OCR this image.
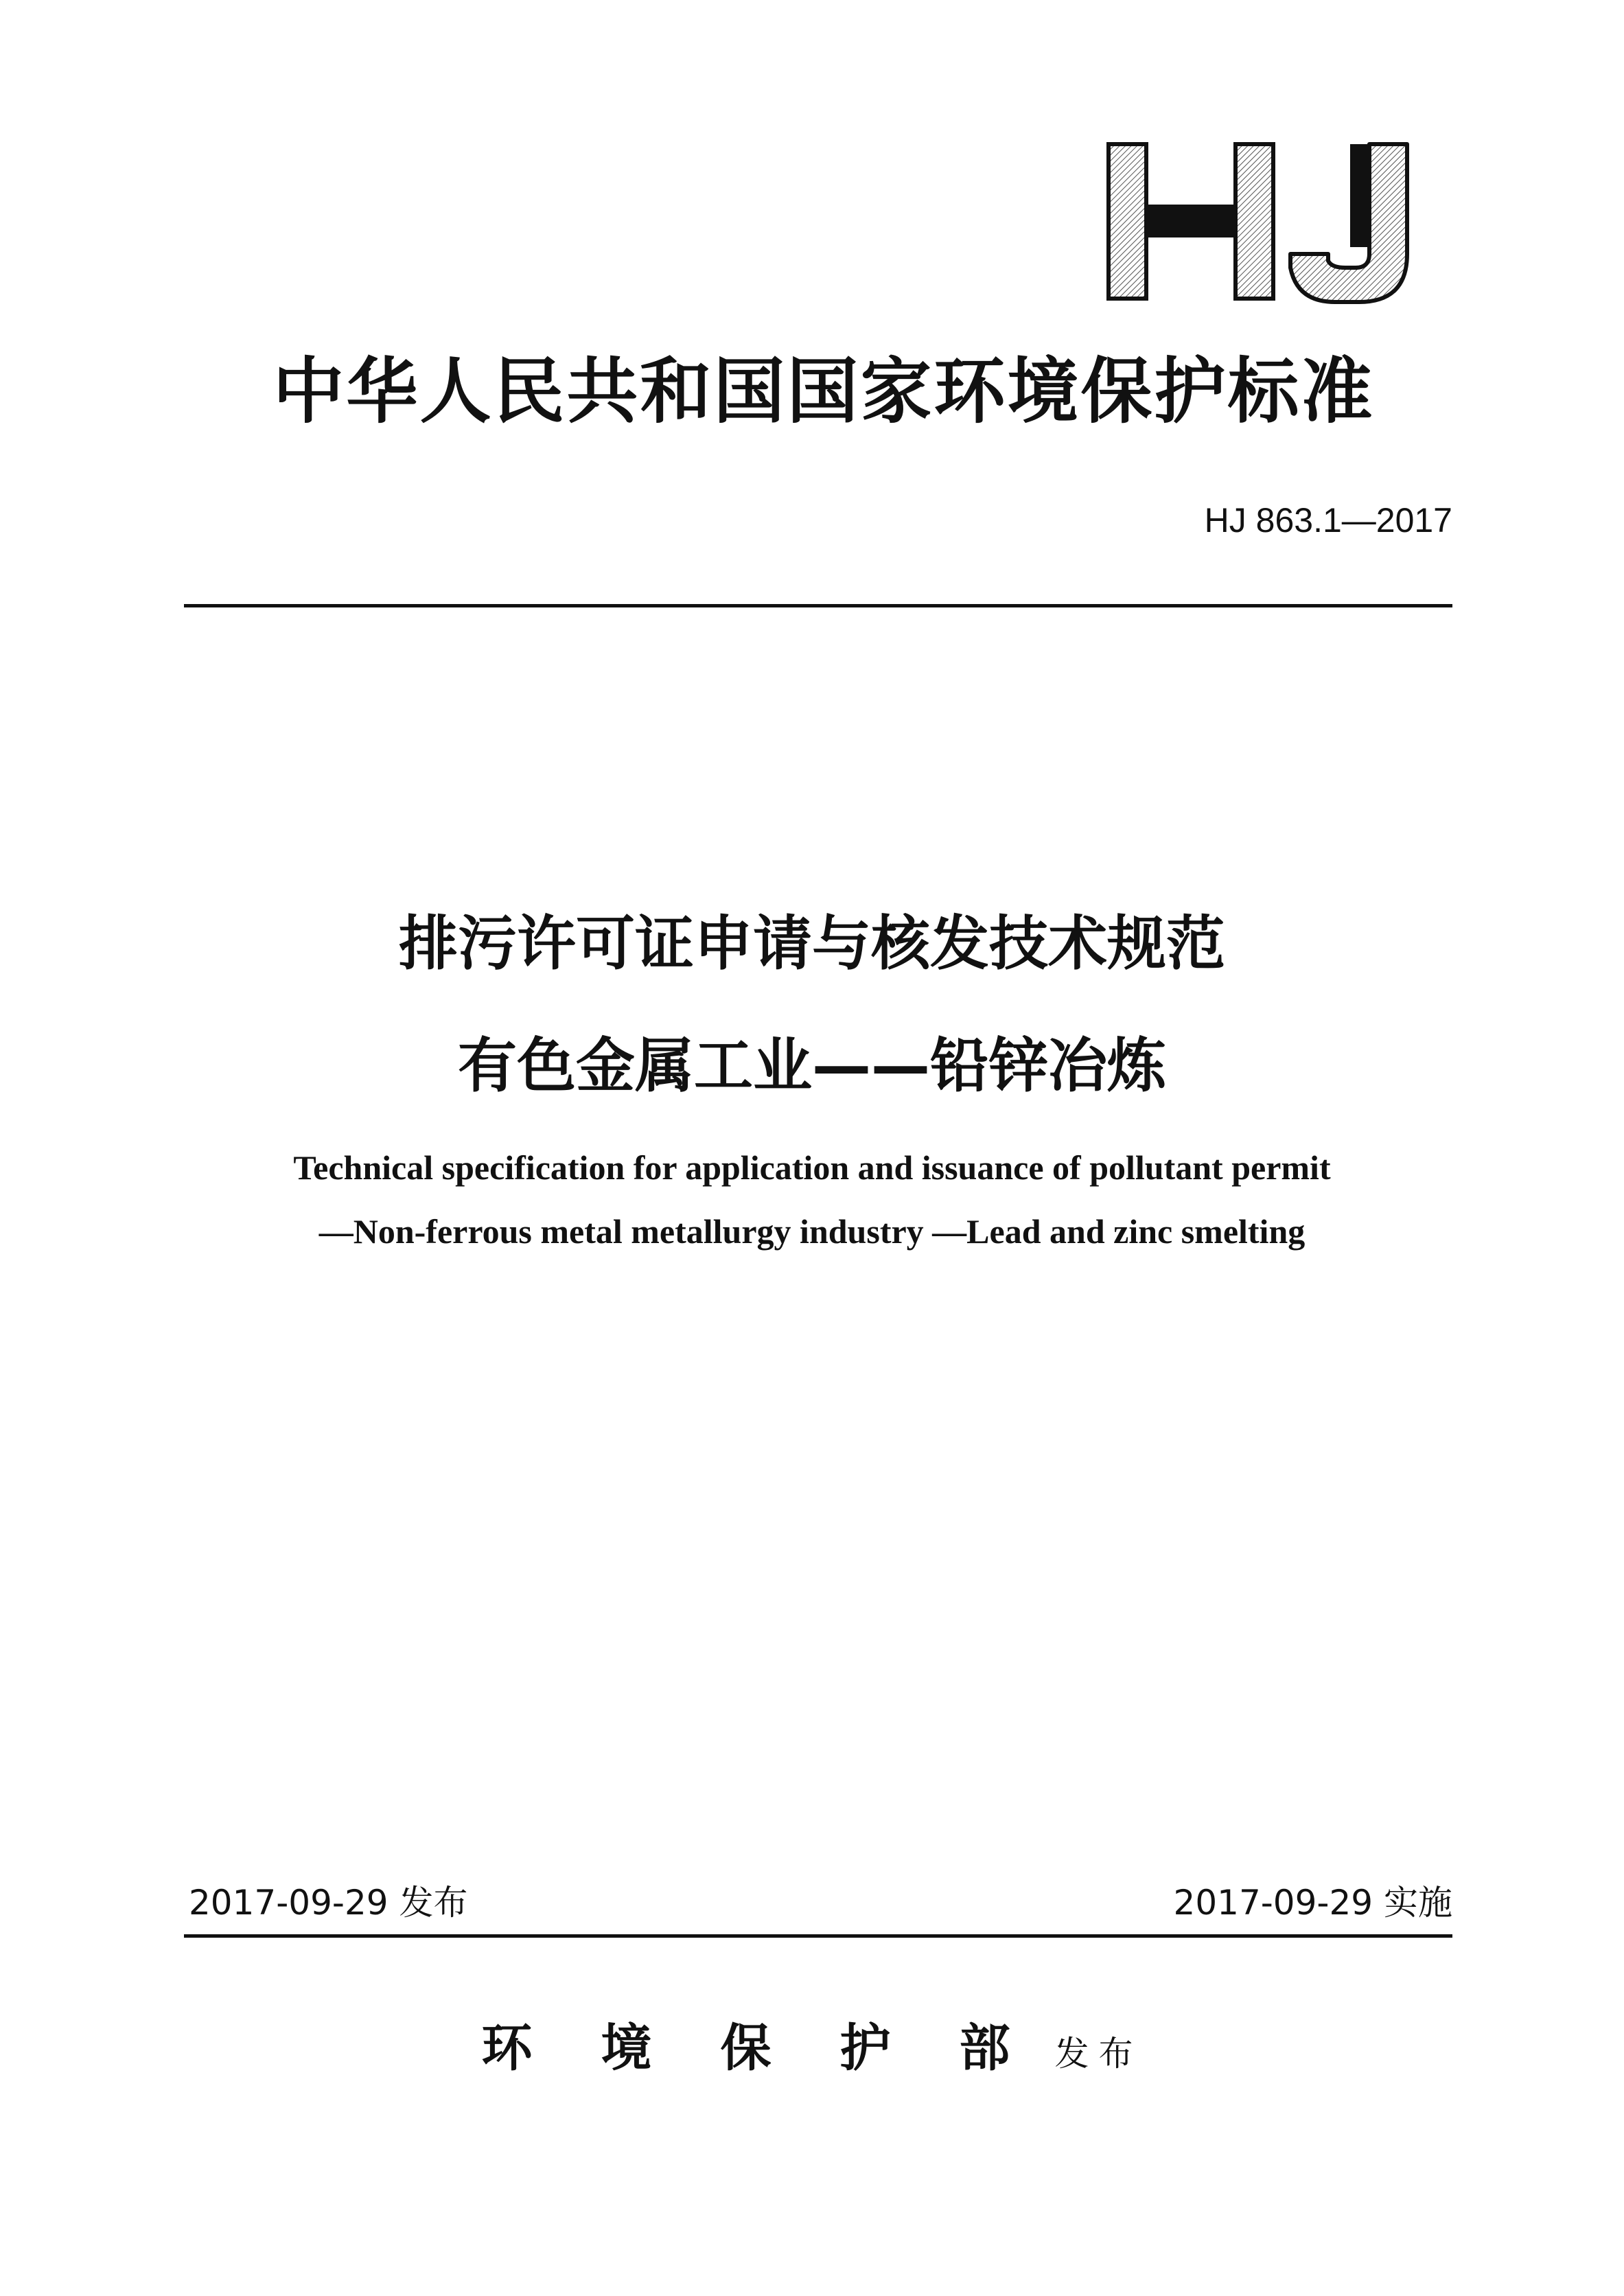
中华人民共和国国家环境保护标准
HJ 863.1—2017
排污许可证申请与核发技术规范
有色金属工业——铅锌冶炼
Technical specification for application and issuance of pollutant permit
—Non-ferrous metal metallurgy industry —Lead and zinc smelting
2017-09-29 发布	2017-09-29 实施
环境保护部 发布
